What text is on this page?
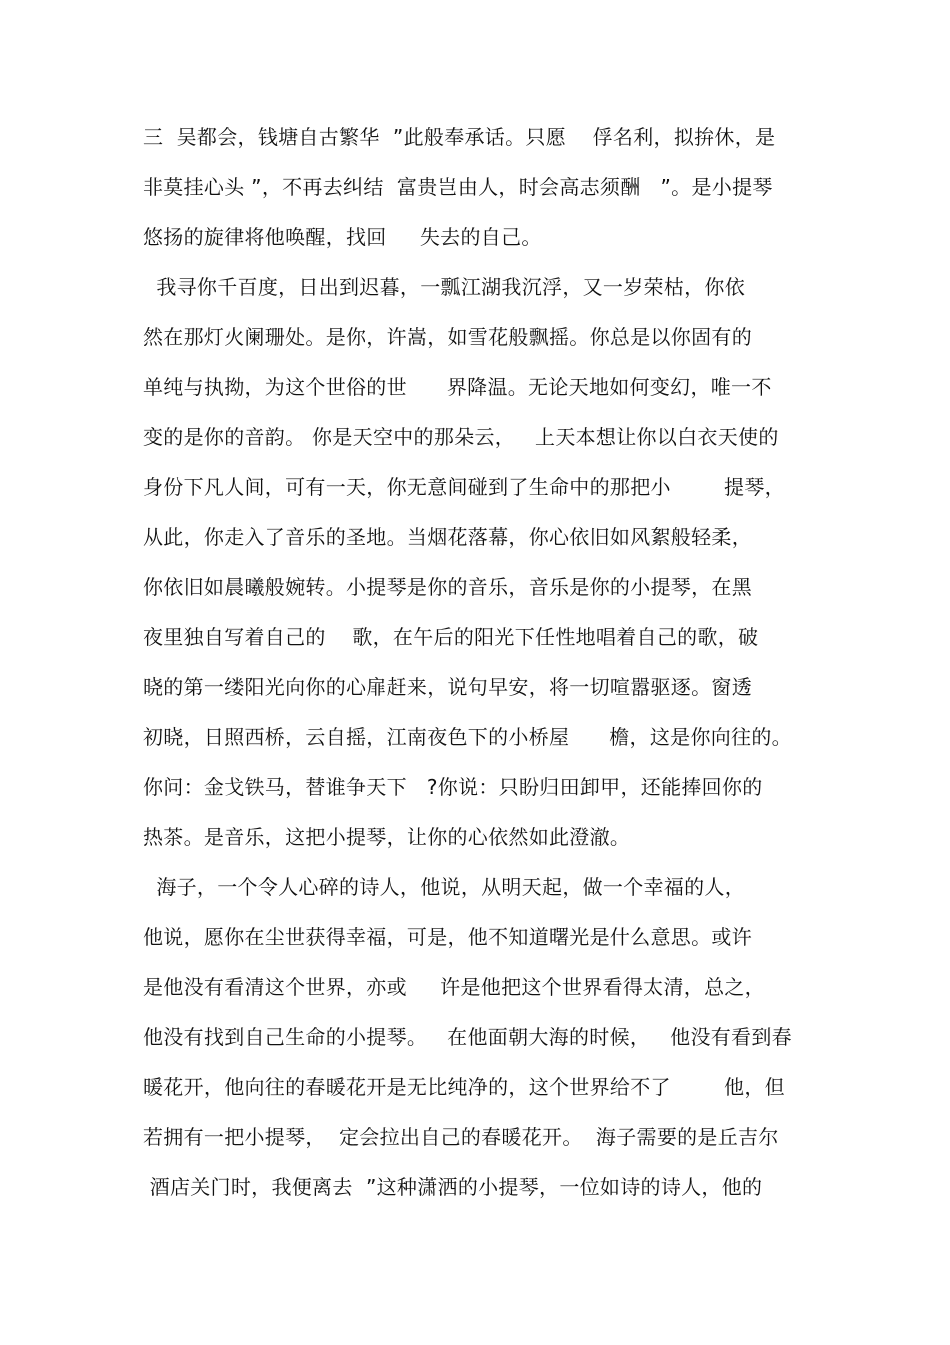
三  吴都会，钱塘自古繁华  ”此般奉承话。只愿    俘名利，拟拚休，是
非莫挂心头 ”，不再去纠结  富贵岂由人，时会高志须酬   ”。是小提琴
悠扬的旋律将他唤醒，找回     失去的自己。
我寻你千百度，日出到迟暮，一瓢江湖我沉浮，又一岁荣枯，你依
然在那灯火阑珊处。是你，许嵩，如雪花般飘摇。你总是以你固有的
单纯与执拗，为这个世俗的世      界降温。无论天地如何变幻，唯一不
变的是你的音韵。 你是天空中的那朵云，   上天本想让你以白衣天使的
身份下凡人间，可有一天，你无意间碰到了生命中的那把小        提琴，
从此，你走入了音乐的圣地。当烟花落幕，你心依旧如风絮般轻柔，
你依旧如晨曦般婉转。小提琴是你的音乐，音乐是你的小提琴，在黑
夜里独自写着自己的    歌，在午后的阳光下任性地唱着自己的歌，破
晓的第一缕阳光向你的心扉赶来，说句早安，将一切喧嚣驱逐。窗透
初晓，日照西桥，云自摇，江南夜色下的小桥屋      檐，这是你向往的。
你问：金戈铁马，替谁争天下   ?你说：只盼归田卸甲，还能捧回你的
热茶。是音乐，这把小提琴，让你的心依然如此澄澈。
海子，一个令人心碎的诗人，他说，从明天起，做一个幸福的人，
他说，愿你在尘世获得幸福，可是，他不知道曙光是什么意思。或许
是他没有看清这个世界，亦或     许是他把这个世界看得太清，总之，
他没有找到自己生命的小提琴。   在他面朝大海的时候，   他没有看到春
暖花开，他向往的春暖花开是无比纯净的，这个世界给不了        他，但
若拥有一把小提琴，  定会拉出自己的春暖花开。  海子需要的是丘吉尔
酒店关门时，我便离去  ”这种潇洒的小提琴，一位如诗的诗人，他的
